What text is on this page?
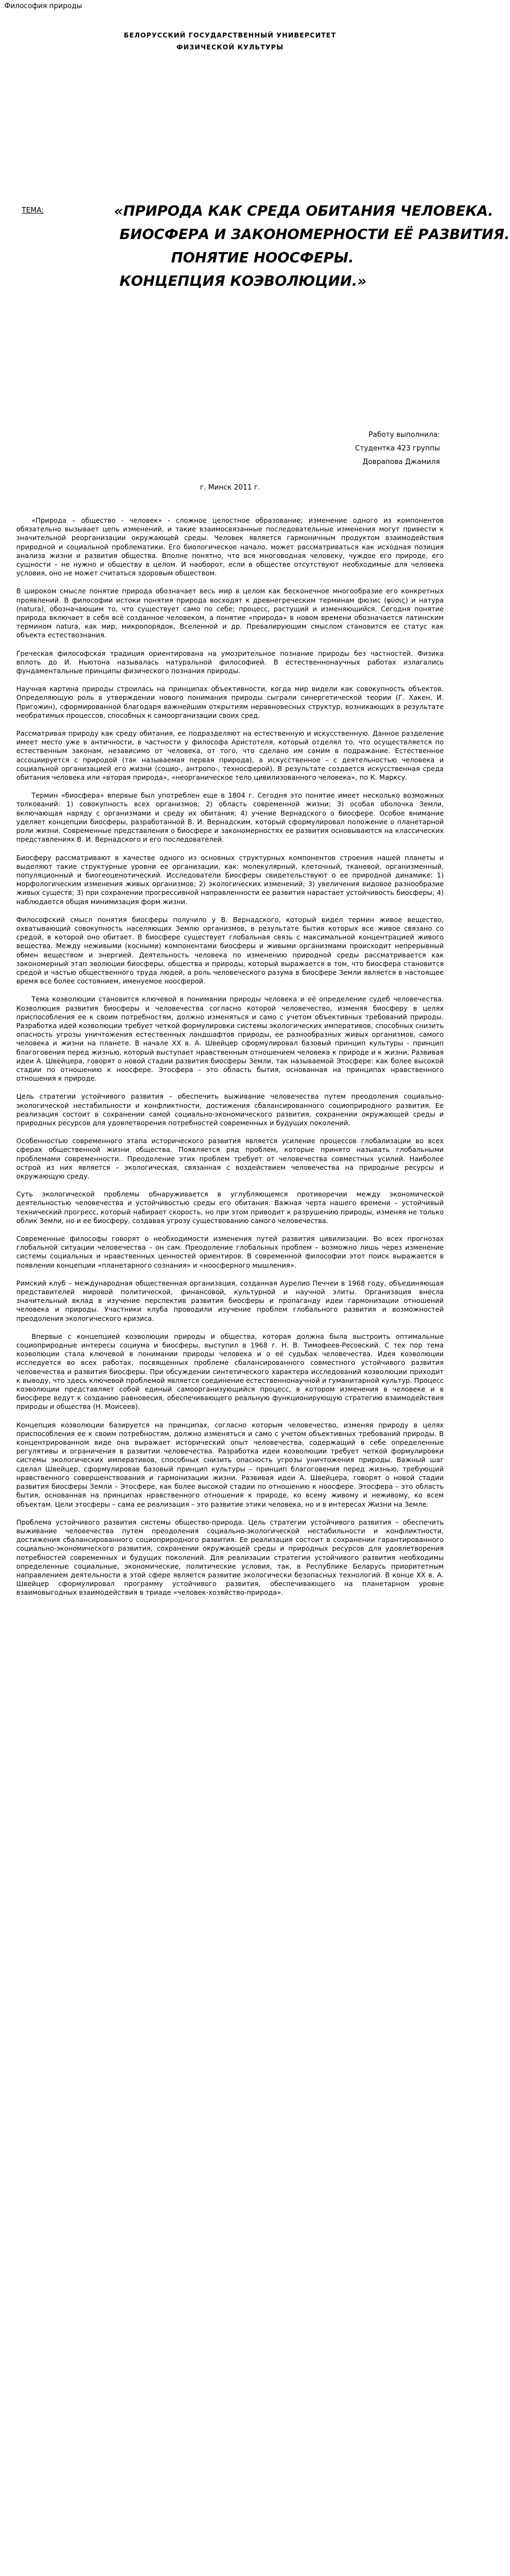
Философия природы
БЕЛОРУССКИЙ ГОСУДАРСТВЕННЫЙ УНИВЕРСИТЕТ
ФИЗИЧЕСКОЙ КУЛЬТУРЫ
ТЕМА:	«ПРИРОДА КАК СРЕДА ОБИТАНИЯ ЧЕЛОВЕКА.
БИОСФЕРА И ЗАКОНОМЕРНОСТИ ЕЁ РАЗВИТИЯ.
ПОНЯТИЕ НООСФЕРЫ.
КОНЦЕПЦИЯ КОЭВОЛЮЦИИ.»
Работу выполнила:
Студентка 423 группы
Доврапова Джамиля
г. Минск 2011 г.

«Природа – общество - человек» - сложное целостное образование; изменение одного из компонентов обязательно вызывает цепь изменений, и такие взаимосвязанные последовательные изменения могут привести к значительной реорганизации окружающей среды. Человек является гармоничным продуктом взаимодействия природной и социальной проблематики. Его биологическое начало, может рассматриваться как исходная позиция анализа жизни и развития общества. Вполне понятно, что вся многоводная человеку, чуждое его природе, его сущности – не нужно и обществу в целом. И наоборот, если в обществе отсутствуют необходимые для человека условия, оно не может считаться здоровым обществом.

В широком смысле понятие природа обозначает весь мир в целом как бесконечное многообразие его конкретных проявлений. В философии истоки понятия природа восходят к древнегреческим терминам фюзис (φύσις) и натура (natura), обозначающим то, что существует само по себе; процесс, растущий и изменяющийся. Сегодня понятие природа включает в себя всё созданное человеком, а понятие «природа» в новом времени обозначается латинским термином natura, как мир, микропорядок, Вселенной и др. Превалирующим смыслом становится ее статус как объекта естествознания.

Греческая философская традиция ориентирована на умозрительное познание природы без частностей. Физика вплоть до И. Ньютона называлась натуральной философией. В естественнонаучных работах излагались фундаментальные принципы физического познания природы.

Научная картина природы строилась на принципах объективности, когда мир видели как совокупность объектов. Определяющую роль в утверждении нового понимания природы сыграли синергетической теории (Г. Хакен, И. Пригожин), сформированной благодаря важнейшим открытиям неравновесных структур, возникающих в результате необратимых процессов, способных к самоорганизации своих сред.

Рассматривая природу как среду обитания, ее подразделяют на естественную и искусственную. Данное разделение имеет место уже в античности, в частности у философа Аристотеля, который отделял то, что осуществляется по естественным законам, независимо от человека, от того, что сделано им самим в подражание. Естественное ассоциируется с природой (так называемая первая природа), а искусственное – с деятельностью человека и социальной организацией его жизни (социо-, антропо-, техносферой). В результате создается искусственная среда обитания человека или «вторая природа», «неорганическое тело цивилизованного человека», по К. Марксу.

Термин «биосфера» впервые был употреблен еще в 1804 г. Сегодня это понятие имеет несколько возможных толкований: 1) совокупность всех организмов; 2) область современной жизни; 3) особая оболочка Земли, включающая наряду с организмами и среду их обитания; 4) учение Вернадского о биосфере. Особое внимание уделяет концепции биосферы, разработанной В. И. Вернадским, который сформулировал положение о планетарной роли жизни. Современные представления о биосфере и закономерностях ее развития основываются на классических представлениях В. И. Вернадского и его последователей.

Биосферу рассматривают в качестве одного из основных структурных компонентов строения нашей планеты и выделяют такие структурные уровни ее организации, как: молекулярный, клеточный, тканевой, организменный, популяционный и биогеоценотический. Исследователи Биосферы свидетельствуют о ее природной динамике: 1) морфологическим изменения живых организмов; 2) экологических изменений; 3) увеличения видовое разнообразие живых существ; 3) при сохранении прогрессивной направленности ее развития нарастает устойчивость биосферы; 4) наблюдается общая минимизация форм жизни.

Философский смысл понятия биосферы получило у В. Вернадского, который видел термин живое вещество, охватывающий совокупность населяющих Землю организмов, в результате бытия которых все живое связано со средой, в которой оно обитает. В биосфере существует глобальная связь с максимальной концентрацией живого вещества. Между неживыми (косными) компонентами биосферы и живыми организмами происходит непрерывный обмен веществом и энергией. Деятельность человека по изменению природной среды рассматривается как закономерный этап эволюции биосферы, общества и природы, который выражается в том, что биосфера становится средой и частью общественного труда людей, а роль человеческого разума в биосфере Земли является в настоящее время все более состоянием, именуемое ноосферой.

Тема коэволюции становится ключевой в понимании природы человека и её определение судеб человечества. Коэволюция развития биосферы и человечества согласно которой человечество, изменяя биосферу в целях приспособления ее к своим потребностям, должно изменяться и само с учетом объективных требований природы. Разработка идей коэволюции требует четкой формулировки системы экологических императивов, способных снизить опасность угрозы уничтожения естественных ландшафтов природы, ее разнообразных живых организмов, самого человека и жизни на планете. В начале XX в. А. Швейцер сформулировал базовый принцип культуры - принцип благоговения перед жизнью, который выступает нравственным отношением человека к природе и к жизни. Развивая идеи А. Швейцера, говорят о новой стадии развития биосферы Земли, так называемой Этосфере: как более высокой стадии по отношению к ноосфере. Этосфера - это область бытия, основанная на принципах нравственного отношения к природе.

Цель стратегии устойчивого развития – обеспечить выживание человечества путем преодоления социально-экологической нестабильности и конфликтности, достижения сбалансированного социоприродного развития. Ее реализация состоит в сохранении самой социально-экономического развития, сохранении окружающей среды и природных ресурсов для удовлетворения потребностей современных и будущих поколений.

Особенностью современного этапа исторического развития является усиление процессов глобализации во всех сферах общественной жизни общества. Появляется ряд проблем, которые принято называть глобальными проблемами современности.. Преодоление этих проблем требует от человечества совместных усилий. Наиболее острой из них является – экологическая, связанная с воздействием человечества на природные ресурсы и окружающую среду.

Суть экологической проблемы обнаруживается в углубляющемся противоречии между экономической деятельностью человечества и устойчивостью среды его обитания. Важная черта нашего времени – устойчивый технический прогресс, который набирает скорость, но при этом приводит к разрушению природы, изменяя не только облик Земли, но и ее биосферу, создавая угрозу существованию самого человечества.

Современные философы говорят о необходимости изменения путей развития цивилизации. Во всех прогнозах глобальной ситуации человечества – он сам. Преодоление глобальных проблем – возможно лишь через изменение системы социальных и нравственных ценностей ориентиров. В современной философии этот поиск выражается в появлении концепции «планетарного сознания» и «ноосферного мышления».

Римский клуб – международная общественная организация, созданная Аурелио Печчеи в 1968 году, объединяющая представителей мировой политической, финансовой, культурной и научной элиты. Организация внесла значительный вклад в изучение перспектив развития биосферы и пропаганду идеи гармонизации отношений человека и природы. Участники клуба проводили изучение проблем глобального развития и возможностей преодоления экологического кризиса.

Впервые с концепцией коэволюции природы и общества, которая должна была выстроить оптимальные социоприродные интересы социума и биосферы, выступил в 1968 г. Н. В. Тимофеев-Ресовский. С тех пор тема коэволюции стала ключевой в понимании природы человека и о её судьбах человечества. Идея коэволюции исследуется во всех работах, посвященных проблеме сбалансированного совместного устойчивого развития человечества и развития биосферы. При обсуждении синтетического характера исследований коэволюции приходит к выводу, что здесь ключевой проблемой является соединение естественнонаучной и гуманитарной культур. Процесс коэволюции представляет собой единый самоорганизующийся процесс, в котором изменения в человеке и в биосфере ведут к созданию равновесия, обеспечивающего реальную функционирующую стратегию взаимодействия природы и общества (Н. Моисеев).

Концепция коэволюции базируется на принципах, согласно которым человечество, изменяя природу в целях приспособления ее к своим потребностям, должно изменяться и само с учетом объективных требований природы. В концентрированном виде она выражает исторический опыт человечества, содержащий в себе определенные регулятивы и ограничения в развитии человечества. Разработка идеи коэволюции требует четкой формулировки системы экологических императивов, способных снизить опасность угрозы уничтожения природы. Важный шаг сделал Швейцер, сформулировав базовый принцип культуры – принцип благоговения перед жизнью, требующий нравственного совершенствования и гармонизации жизни. Развивая идеи А. Швейцера, говорят о новой стадии развития биосферы Земли – Этосфере, как более высокой стадии по отношению к ноосфере. Этосфера – это область бытия, основанная на принципах нравственного отношения к природе, ко всему живому и неживому, ко всем объектам. Цели этосферы – сама ее реализация – это развитие этики человека, но и в интересах Жизни на Земле.

Проблема устойчивого развития системы общество-природа. Цель стратегии устойчивого развития – обеспечить выживание человечества путем преодоления социально-экологической нестабильности и конфликтности, достижения сбалансированного социоприродного развития. Ее реализация состоит в сохранении гарантированного социально-экономического развития, сохранении окружающей среды и природных ресурсов для удовлетворения потребностей современных и будущих поколений. Для реализации стратегии устойчивого развития необходимы определенные социальные, экономические, политические условия, так, в Республике Беларусь приоритетным направлением деятельности в этой сфере является развитие экологически безопасных технологий. В конце XX в. А. Швейцер сформулировал программу устойчивого развития, обеспечивающего на планетарном уровне взаимовыгодных взаимодействия в триаде «человек-хозяйство-природа».
